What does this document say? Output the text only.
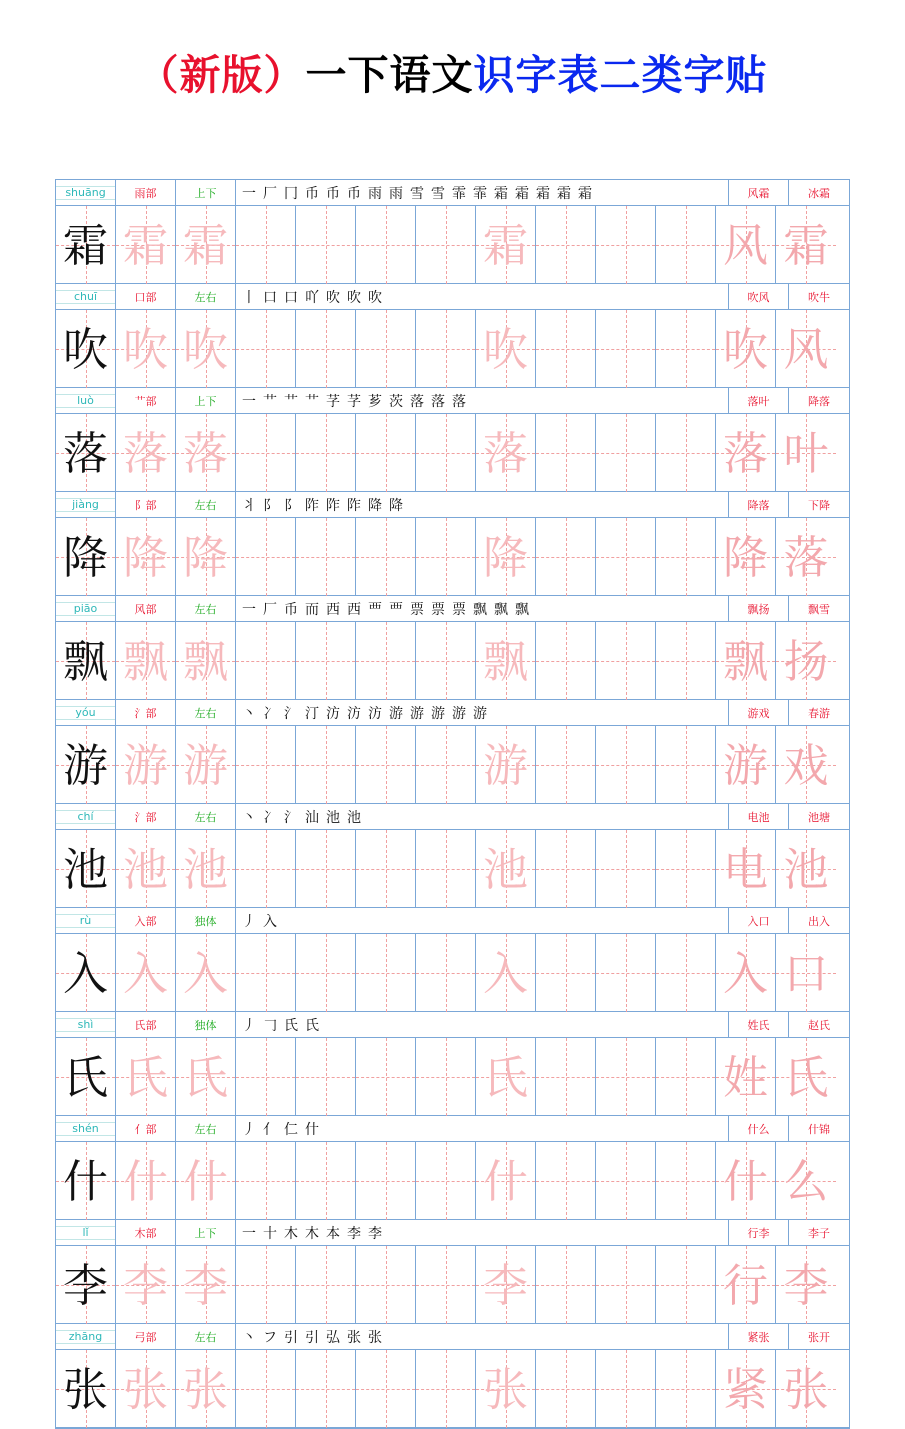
（新版）一下语文识字表二类字贴
shuāng	雨部	上下	一 厂 冂 币 币 币 雨 雨 雪 雪 霏 霏 霜 霜 霜 霜 霜	风霜	冰霜
霜 霜 霜	霜	风 霜
chuī	口部	左右	丨 口 口 吖 吹 吹 吹	吹风	吹牛
吹 吹 吹	吹	吹 风
luò	艹部	上下	一 艹 艹 艹 芓 芓 芗 茨 落 落 落	落叶	降落
落 落 落	落	落 叶
jiàng	阝部	左右	丬 阝 阝 阼 阼 阼 降 降	降落	下降
降 降 降	降	降 落
piāo	风部	左右	一 厂 币 而 西 西 覀 覀 票 票 票 飘 飘 飘	飘扬	飘雪
飘 飘 飘	飘	飘 扬
yóu	氵部	左右	丶 冫 氵 汀 汸 汸 汸 游 游 游 游 游	游戏	春游
游 游 游	游	游 戏
chí	氵部	左右	丶 冫 氵 汕 池 池	电池	池塘
池 池 池	池	电 池
rù	入部	独体	丿 入	入口	出入
入 入 入	入	入 口
shì	氏部	独体	丿 𠃌 氏 氏	姓氏	赵氏
氏 氏 氏	氏	姓 氏
shén	亻部	左右	丿 亻 仁 什	什么	什锦
什 什 什	什	什 么
lǐ	木部	上下	一 十 木 木 本 李 李	行李	李子
李 李 李	李	行 李
zhāng	弓部	左右	丶 フ 引 引 弘 张 张	紧张	张开
张 张 张	张	紧 张
